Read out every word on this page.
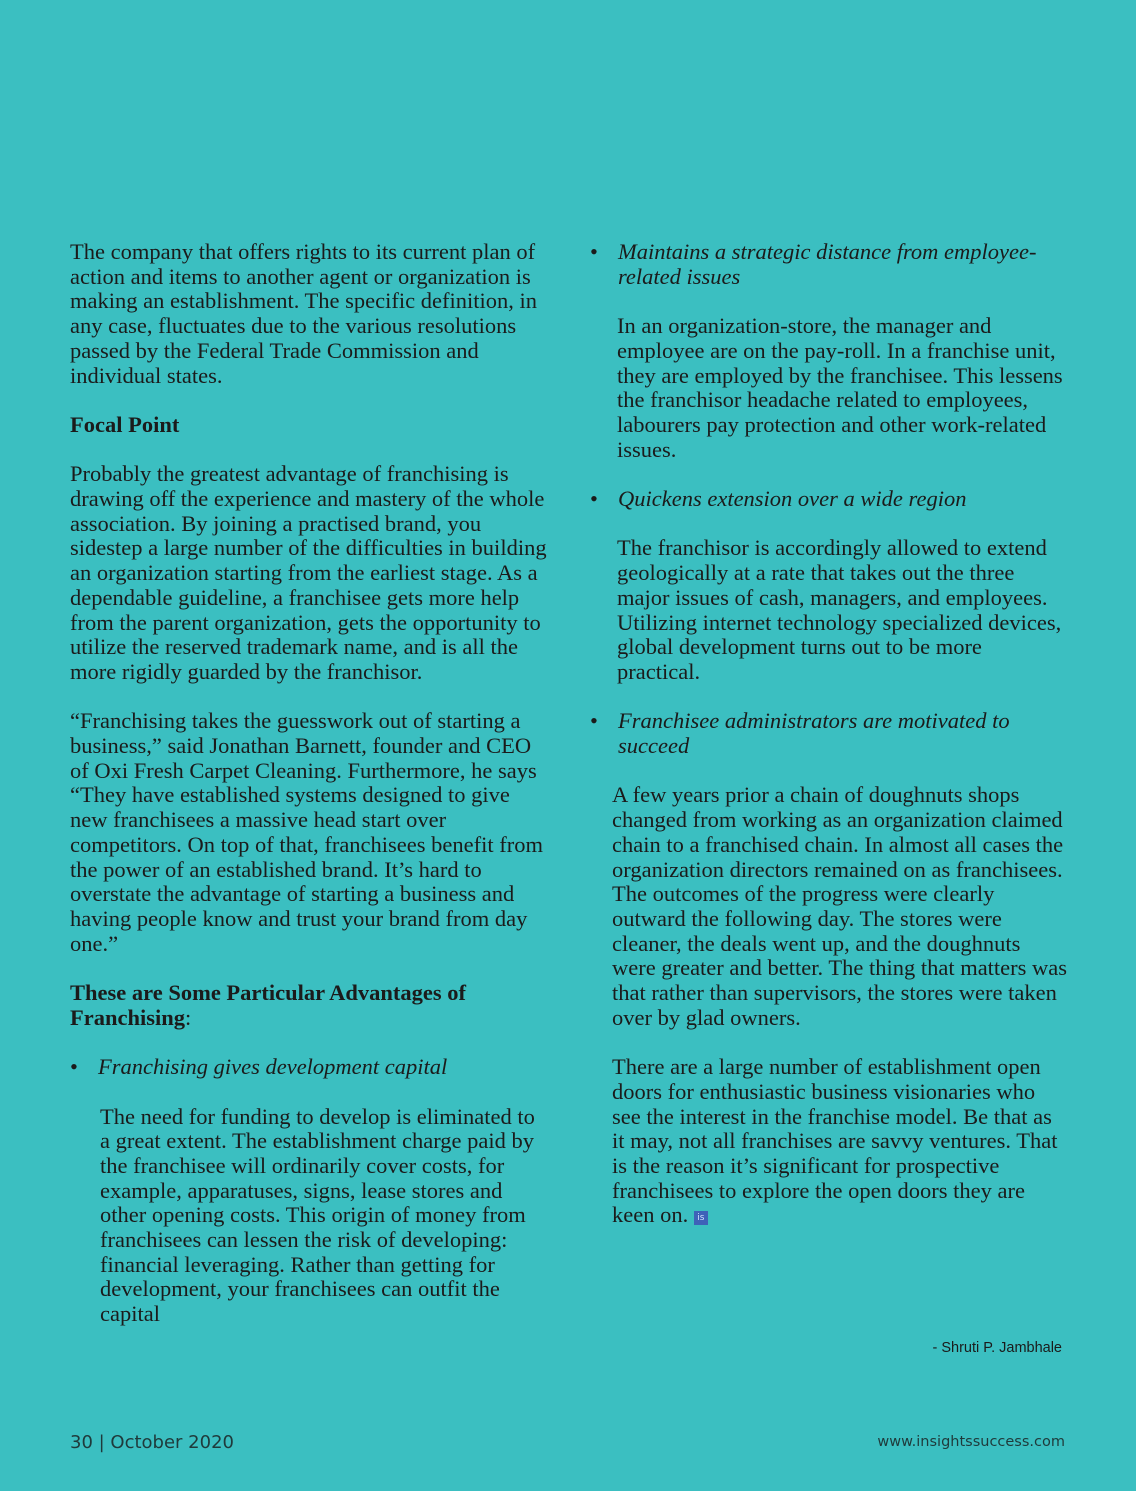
The company that offers rights to its current plan of action and items to another agent or organization is making an establishment. The specific definition, in any case, fluctuates due to the various resolutions passed by the Federal Trade Commission and individual states.

Focal Point

Probably the greatest advantage of franchising is drawing off the experience and mastery of the whole association. By joining a practised brand, you sidestep a large number of the difficulties in building an organization starting from the earliest stage. As a dependable guideline, a franchisee gets more help from the parent organization, gets the opportunity to utilize the reserved trademark name, and is all the more rigidly guarded by the franchisor.

“Franchising takes the guesswork out of starting a business,” said Jonathan Barnett, founder and CEO of Oxi Fresh Carpet Cleaning. Furthermore, he says “They have established systems designed to give new franchisees a massive head start over competitors. On top of that, franchisees benefit from the power of an established brand. It’s hard to overstate the advantage of starting a business and having people know and trust your brand from day one.”

These are Some Particular Advantages of Franchising:

• Franchising gives development capital

The need for funding to develop is eliminated to a great extent. The establishment charge paid by the franchisee will ordinarily cover costs, for example, apparatuses, signs, lease stores and other opening costs. This origin of money from franchisees can lessen the risk of developing: financial leveraging. Rather than getting for development, your franchisees can outfit the capital

• Maintains a strategic distance from employee-related issues

In an organization-store, the manager and employee are on the pay-roll. In a franchise unit, they are employed by the franchisee. This lessens the franchisor headache related to employees, labourers pay protection and other work-related issues.

• Quickens extension over a wide region

The franchisor is accordingly allowed to extend geologically at a rate that takes out the three major issues of cash, managers, and employees. Utilizing internet technology specialized devices, global development turns out to be more practical.

• Franchisee administrators are motivated to succeed

A few years prior a chain of doughnuts shops changed from working as an organization claimed chain to a franchised chain. In almost all cases the organization directors remained on as franchisees. The outcomes of the progress were clearly outward the following day. The stores were cleaner, the deals went up, and the doughnuts were greater and better. The thing that matters was that rather than supervisors, the stores were taken over by glad owners.

There are a large number of establishment open doors for enthusiastic business visionaries who see the interest in the franchise model. Be that as it may, not all franchises are savvy ventures. That is the reason it’s significant for prospective franchisees to explore the open doors they are keen on. is

- Shruti P. Jambhale
30 | October 2020	www.insightssuccess.com
